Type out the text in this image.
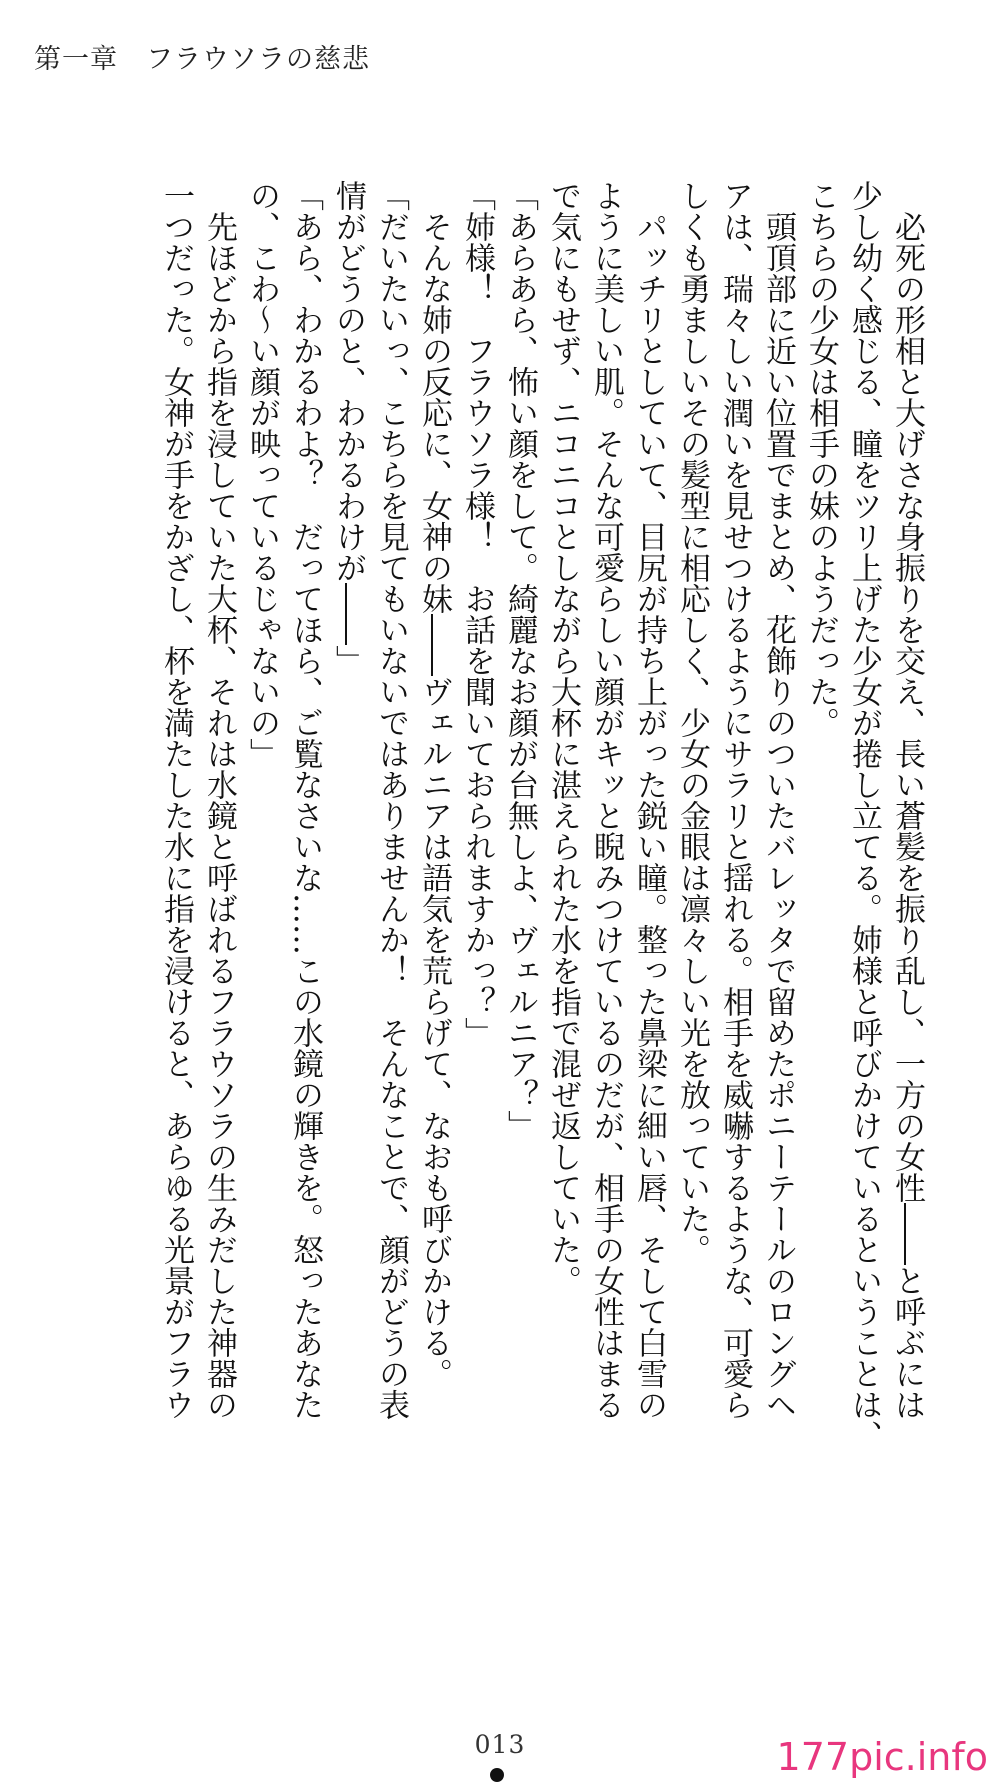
第一章　フラウソラの慈悲
　必死の形相と大げさな身振りを交え、長い蒼髪を振り乱し、一方の女性――と呼ぶには
少し幼く感じる、瞳をツリ上げた少女が捲し立てる。姉様と呼びかけているということは、
こちらの少女は相手の妹のようだった。
　頭頂部に近い位置でまとめ、花飾りのついたバレッタで留めたポニーテールのロングヘ
アは、瑞々しい潤いを見せつけるようにサラリと揺れる。相手を威嚇するような、可愛ら
しくも勇ましいその髪型に相応しく、少女の金眼は凛々しい光を放っていた。
　パッチリとしていて、目尻が持ち上がった鋭い瞳。整った鼻梁に細い唇、そして白雪の
ように美しい肌。そんな可愛らしい顔がキッと睨みつけているのだが、相手の女性はまる
で気にもせず、ニコニコとしながら大杯に湛えられた水を指で混ぜ返していた。
「あらあら、怖い顔をして。綺麗なお顔が台無しよ、ヴェルニア？」
「姉様！　フラウソラ様！　お話を聞いておられますかっ？」
　そんな姉の反応に、女神の妹――ヴェルニアは語気を荒らげて、なおも呼びかける。
「だいたいっ、こちらを見てもいないではありませんか！　そんなことで、顔がどうの表
情がどうのと、わかるわけが――」
「あら、わかるわよ？　だってほら、ご覧なさいな……この水鏡の輝きを。怒ったあなた
の、こわ～い顔が映っているじゃないの」
　先ほどから指を浸していた大杯、それは水鏡と呼ばれるフラウソラの生みだした神器の
一つだった。女神が手をかざし、杯を満たした水に指を浸けると、あらゆる光景がフラウ
013	177pic.info
